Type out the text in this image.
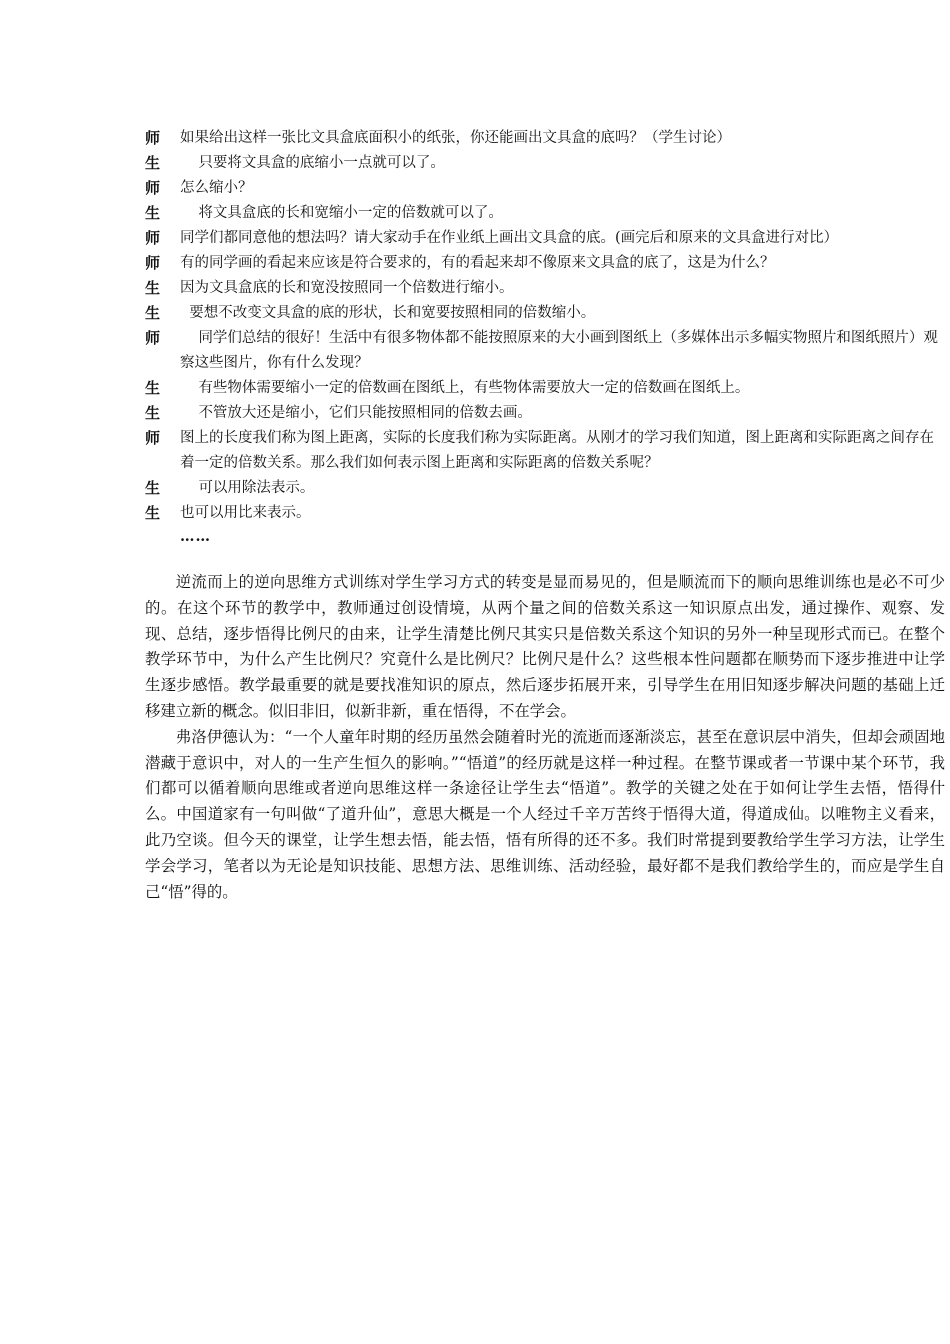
师	如果给出这样一张比文具盒底面积小的纸张，你还能画出文具盒的底吗？（学生讨论）
生	只要将文具盒的底缩小一点就可以了。
师	怎么缩小？
生	将文具盒底的长和宽缩小一定的倍数就可以了。
师	同学们都同意他的想法吗？请大家动手在作业纸上画出文具盒的底。(画完后和原来的文具盒进行对比）
师	有的同学画的看起来应该是符合要求的，有的看起来却不像原来文具盒的底了，这是为什么？
生	因为文具盒底的长和宽没按照同一个倍数进行缩小。
生	要想不改变文具盒的底的形状，长和宽要按照相同的倍数缩小。
师	同学们总结的很好！生活中有很多物体都不能按照原来的大小画到图纸上（多媒体出示多幅实物照片和图纸照片）观察这些图片，你有什么发现？
生	有些物体需要缩小一定的倍数画在图纸上，有些物体需要放大一定的倍数画在图纸上。
生	不管放大还是缩小，它们只能按照相同的倍数去画。
师	图上的长度我们称为图上距离，实际的长度我们称为实际距离。从刚才的学习我们知道，图上距离和实际距离之间存在着一定的倍数关系。那么我们如何表示图上距离和实际距离的倍数关系呢？
生	可以用除法表示。
生	也可以用比来表示。
……

逆流而上的逆向思维方式训练对学生学习方式的转变是显而易见的，但是顺流而下的顺向思维训练也是必不可少的。在这个环节的教学中，教师通过创设情境，从两个量之间的倍数关系这一知识原点出发，通过操作、观察、发现、总结，逐步悟得比例尺的由来，让学生清楚比例尺其实只是倍数关系这个知识的另外一种呈现形式而已。在整个教学环节中，为什么产生比例尺？究竟什么是比例尺？比例尺是什么？这些根本性问题都在顺势而下逐步推进中让学生逐步感悟。教学最重要的就是要找准知识的原点，然后逐步拓展开来，引导学生在用旧知逐步解决问题的基础上迁移建立新的概念。似旧非旧，似新非新，重在悟得，不在学会。

弗洛伊德认为：“一个人童年时期的经历虽然会随着时光的流逝而逐渐淡忘，甚至在意识层中消失，但却会顽固地潜藏于意识中，对人的一生产生恒久的影响。”“悟道”的经历就是这样一种过程。在整节课或者一节课中某个环节，我们都可以循着顺向思维或者逆向思维这样一条途径让学生去“悟道”。教学的关键之处在于如何让学生去悟，悟得什么。中国道家有一句叫做“了道升仙”，意思大概是一个人经过千辛万苦终于悟得大道，得道成仙。以唯物主义看来，此乃空谈。但今天的课堂，让学生想去悟，能去悟，悟有所得的还不多。我们时常提到要教给学生学习方法，让学生学会学习，笔者以为无论是知识技能、思想方法、思维训练、活动经验，最好都不是我们教给学生的，而应是学生自己“悟”得的。
